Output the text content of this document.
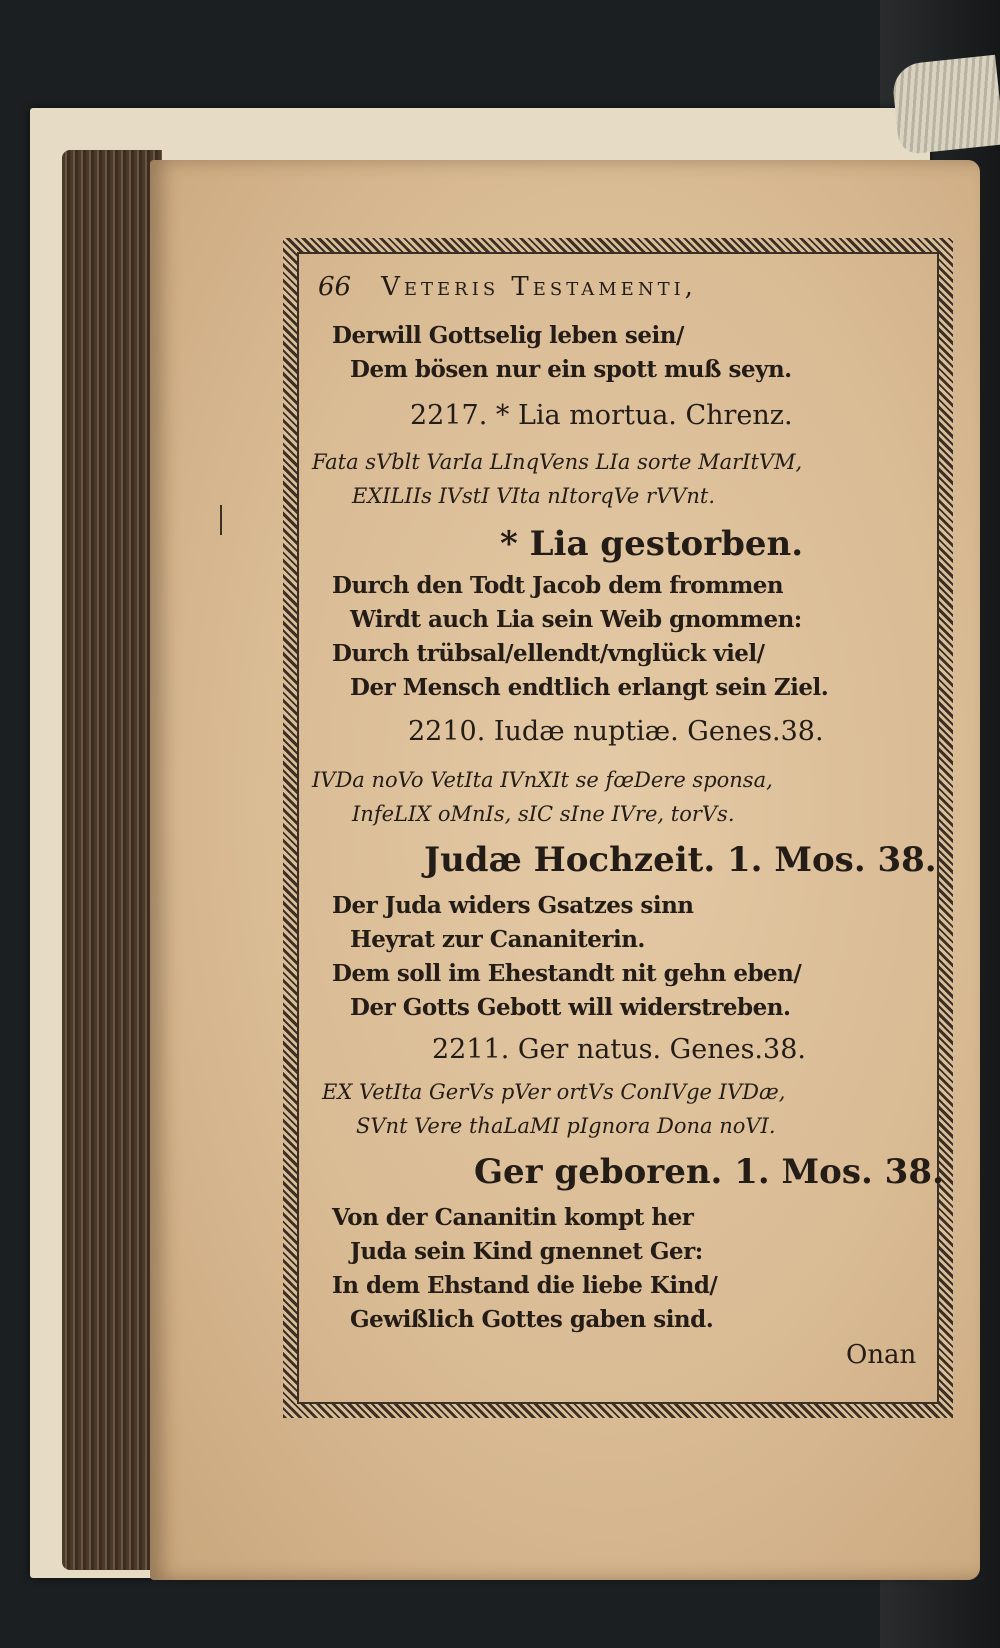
66 Veteris Testamenti,
Derwill Gottselig leben sein/
Dem bösen nur ein spott muß seyn.
2217. * Lia mortua. Chrenz.
Fata sVblt VarIa LInqVens LIa sorte MarItVM,
EXILIIs IVstI VIta nItorqVe rVVnt.
* Lia gestorben.
Durch den Todt Jacob dem frommen
Wirdt auch Lia sein Weib gnommen:
Durch trübsal/ellendt/vnglück viel/
Der Mensch endtlich erlangt sein Ziel.
2210. Iudæ nuptiæ. Genes.38.
IVDa noVo VetIta IVnXIt se fœDere sponsa,
InfeLIX oMnIs, sIC sIne IVre, torVs.
Judæ Hochzeit. 1. Mos. 38.
Der Juda widers Gsatzes sinn
Heyrat zur Cananiterin.
Dem soll im Ehestandt nit gehn eben/
Der Gotts Gebott will widerstreben.
2211. Ger natus. Genes.38.
EX VetIta GerVs pVer ortVs ConIVge IVDæ,
SVnt Vere thaLaMI pIgnora Dona noVI.
Ger geboren. 1. Mos. 38.
Von der Cananitin kompt her
Juda sein Kind gnennet Ger:
In dem Ehstand die liebe Kind/
Gewißlich Gottes gaben sind.
Onan
